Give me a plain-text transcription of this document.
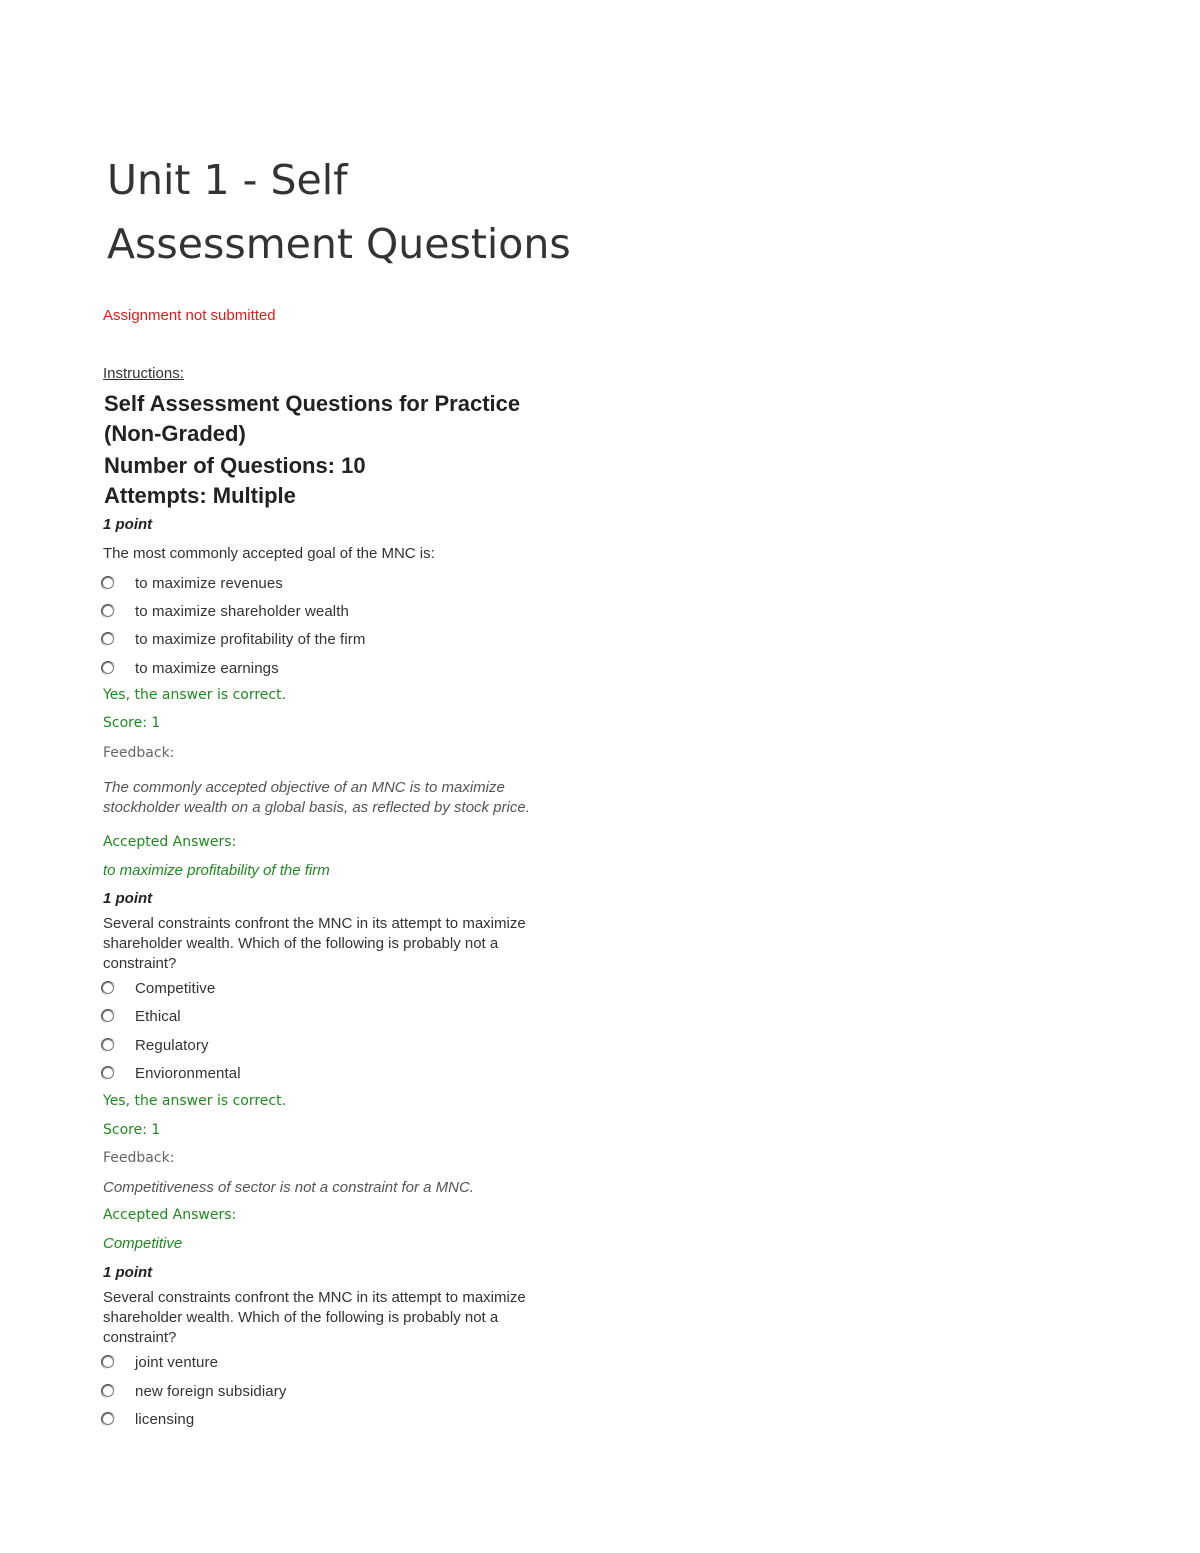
Unit 1 - Self
Assessment Questions
Assignment not submitted
Instructions:
Self Assessment Questions for Practice
(Non-Graded)
Number of Questions: 10
Attempts: Multiple
1 point
The most commonly accepted goal of the MNC is:
to maximize revenues
to maximize shareholder wealth
to maximize profitability of the firm
to maximize earnings
Yes, the answer is correct.
Score: 1
Feedback:
The commonly accepted objective of an MNC is to maximize stockholder wealth on a global basis, as reflected by stock price.
Accepted Answers:
to maximize profitability of the firm
1 point
Several constraints confront the MNC in its attempt to maximize shareholder wealth. Which of the following is probably not a constraint?
Competitive
Ethical
Regulatory
Envioronmental
Yes, the answer is correct.
Score: 1
Feedback:
Competitiveness of sector is not a constraint for a MNC.
Accepted Answers:
Competitive
1 point
Several constraints confront the MNC in its attempt to maximize shareholder wealth. Which of the following is probably not a constraint?
joint venture
new foreign subsidiary
licensing
